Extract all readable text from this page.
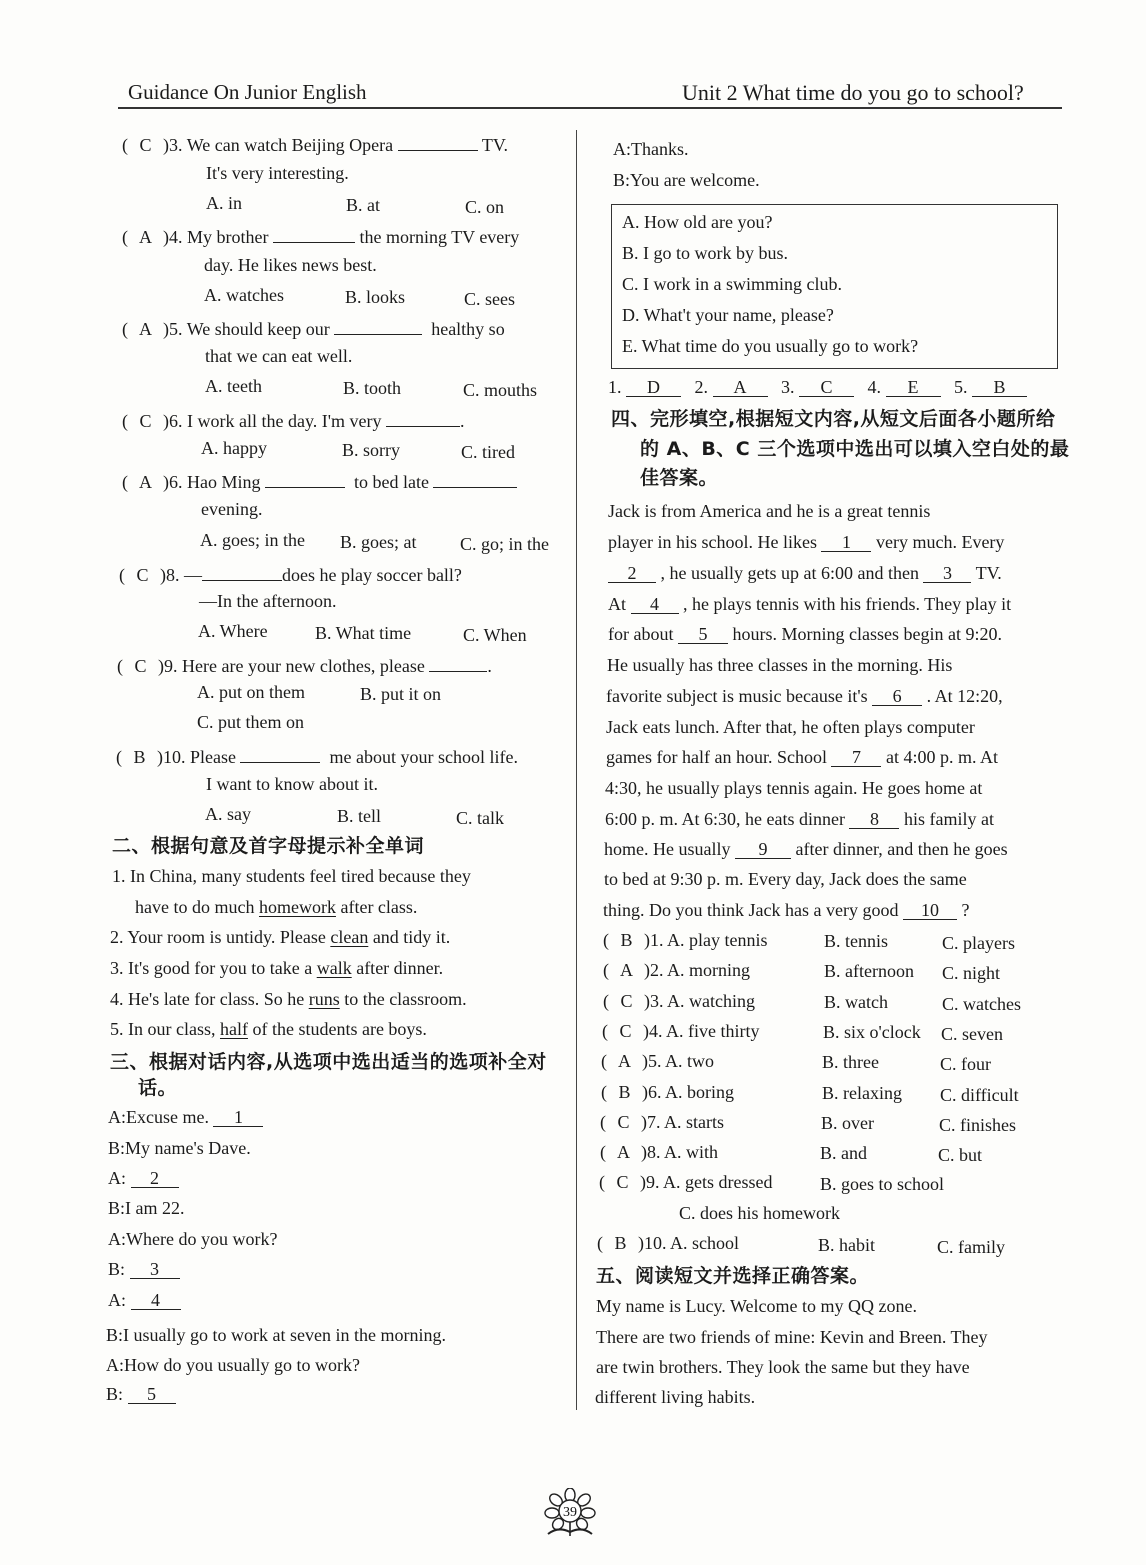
Guidance On Junior English	Unit 2 What time do you go to school?
( C )3. We can watch Beijing Opera	TV.
It's very interesting.
A. in	B. at	C. on
( A )4. My brother	the morning TV every
day. He likes news best.
A. watches	B. looks	C. sees
( A )5. We should keep our	healthy so
that we can eat well.
A. teeth	B. tooth	C. mouths
( C )6. I work all the day. I'm very	.
A. happy	B. sorry	C. tired
( A )6. Hao Ming	to bed late
evening.
A. goes; in the B. goes; at C. go; in the
( C )8. —	does he play soccer ball?
—In the afternoon.
A. Where	B. What time	C. When
( C )9. Here are your new clothes, please	.
A. put on them	B. put it on
C. put them on
( B )10. Please	me about your school life.
I want to know about it.
A. say	B. tell	C. talk
二、根据句意及首字母提示补全单词
1. In China, many students feel tired because they
have to do much homework after class.
2. Your room is untidy. Please clean and tidy it.
3. It's good for you to take a walk after dinner.
4. He's late for class. So he runs to the classroom.
5. In our class, half of the students are boys.
三、根据对话内容,从选项中选出适当的选项补全对
话。
A:Excuse me. 1
B:My name's Dave.
A: 2
B:I am 22.
A:Where do you work?
B: 3
A: 4
B:I usually go to work at seven in the morning.
A:How do you usually go to work?
B: 5
A:Thanks.
B:You are welcome.
A. How old are you?
B. I go to work by bus.
C. I work in a swimming club.
D. What't your name, please?
E. What time do you usually go to work?
1. D 2. A 3. C 4. E 5. B
四、完形填空,根据短文内容,从短文后面各小题所给
的 A、B、C 三个选项中选出可以填入空白处的最
佳答案。
Jack is from America and he is a great tennis
player in his school. He likes 1 very much. Every
2 , he usually gets up at 6:00 and then 3 TV.
At 4 , he plays tennis with his friends. They play it
for about 5 hours. Morning classes begin at 9:20.
He usually has three classes in the morning. His
favorite subject is music because it's 6 . At 12:20,
Jack eats lunch. After that, he often plays computer
games for half an hour. School 7 at 4:00 p. m. At
4:30, he usually plays tennis again. He goes home at
6:00 p. m. At 6:30, he eats dinner 8 his family at
home. He usually 9 after dinner, and then he goes
to bed at 9:30 p. m. Every day, Jack does the same
thing. Do you think Jack has a very good 10 ?
( B )1. A. play tennis	B. tennis	C. players
( A )2. A. morning	B. afternoon C. night
( C )3. A. watching	B. watch	C. watches
( C )4. A. five thirty	B. six o'clock C. seven
( A )5. A. two	B. three	C. four
( B )6. A. boring	B. relaxing C. difficult
( C )7. A. starts	B. over	C. finishes
( A )8. A. with	B. and	C. but
( C )9. A. gets dressed	B. goes to school
C. does his homework
( B )10. A. school	B. habit	C. family
五、阅读短文并选择正确答案。
My name is Lucy. Welcome to my QQ zone.
There are two friends of mine: Kevin and Breen. They
are twin brothers. They look the same but they have
different living habits.
39
